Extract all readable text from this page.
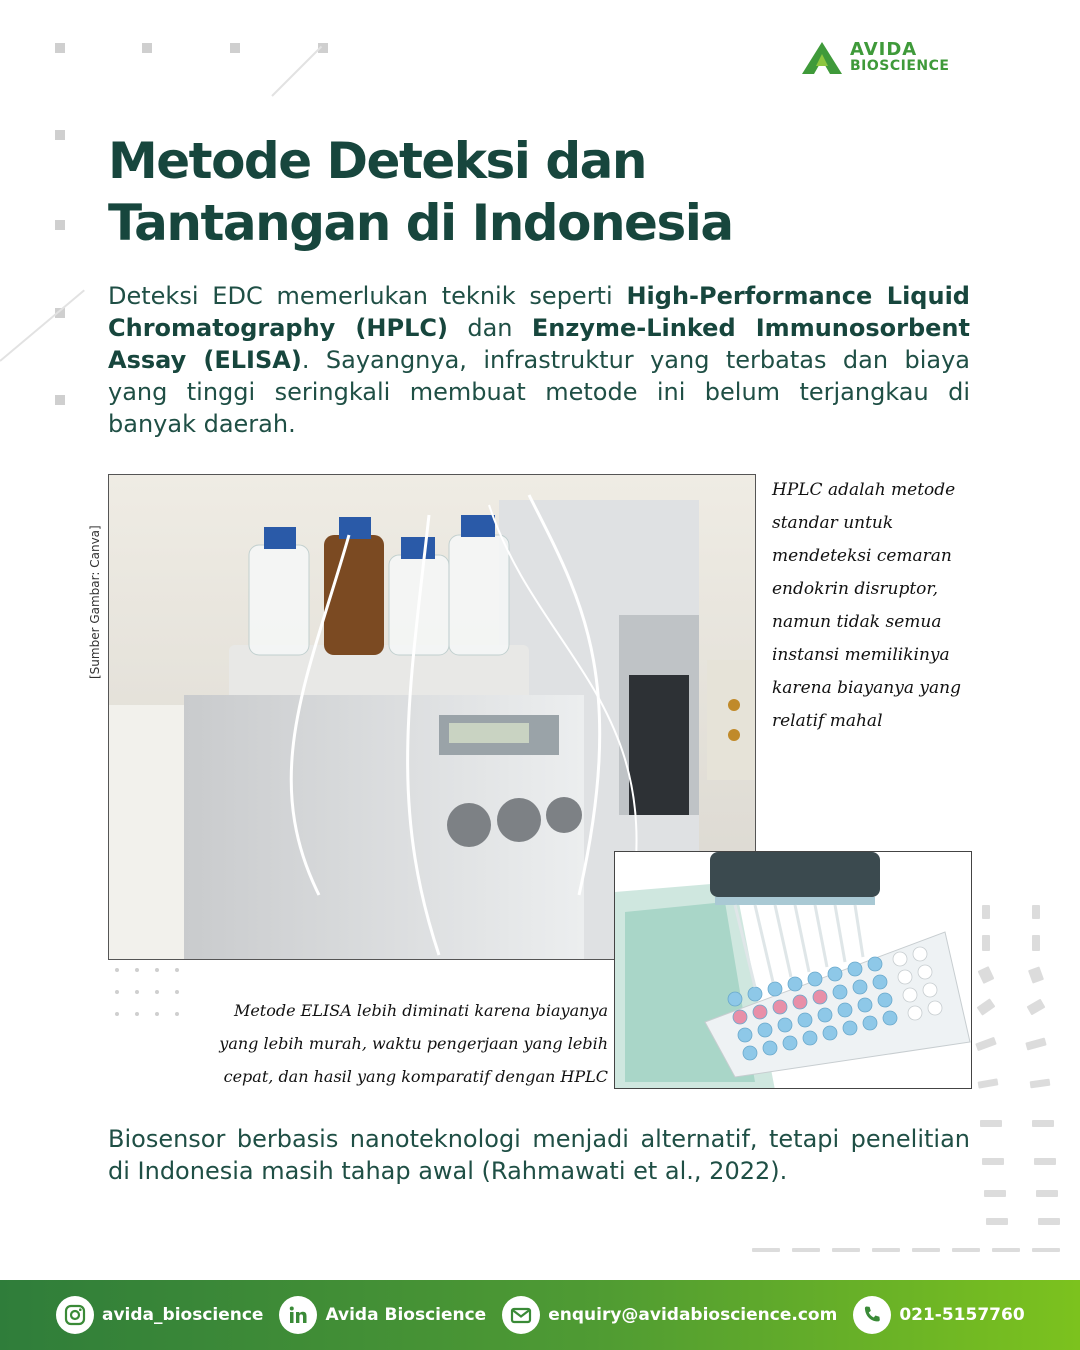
AVIDA
BIOSCIENCE
Metode Deteksi dan
Tantangan di Indonesia

Deteksi EDC memerlukan teknik seperti High-Performance Liquid Chromatography (HPLC) dan Enzyme-Linked Immunosorbent Assay (ELISA). Sayangnya, infrastruktur yang terbatas dan biaya yang tinggi seringkali membuat metode ini belum terjangkau di banyak daerah.

[Sumber Gambar: Canva]

HPLC adalah metode standar untuk mendeteksi cemaran endokrin disruptor, namun tidak semua instansi memilikinya karena biayanya yang relatif mahal

Metode ELISA lebih diminati karena biayanya yang lebih murah, waktu pengerjaan yang lebih cepat, dan hasil yang komparatif dengan HPLC

Biosensor berbasis nanoteknologi menjadi alternatif, tetapi penelitian di Indonesia masih tahap awal (Rahmawati et al., 2022).

avida_bioscience	Avida Bioscience	enquiry@avidabioscience.com	021-5157760
